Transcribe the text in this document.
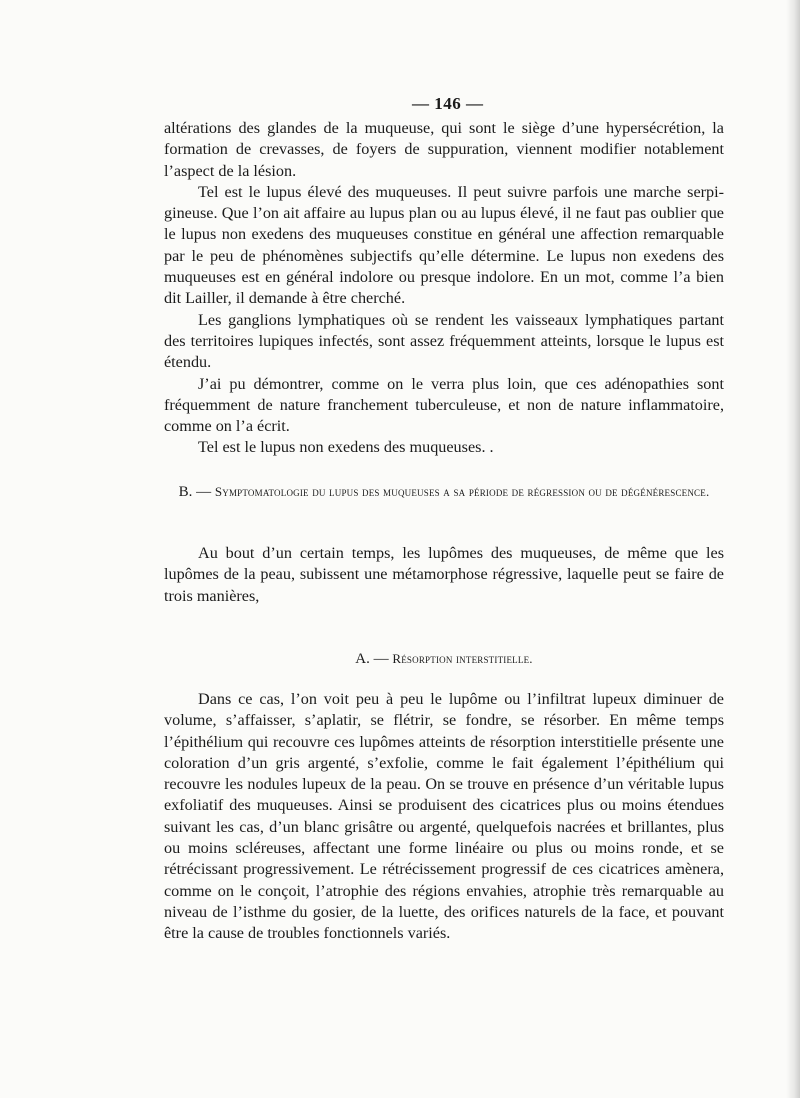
— 146 —

altérations des glandes de la muqueuse, qui sont le siège d’une hypersécrétion, la formation de crevasses, de foyers de suppuration, viennent modifier notablement l’aspect de la lésion.

Tel est le lupus élevé des muqueuses. Il peut suivre parfois une marche serpigineuse. Que l’on ait affaire au lupus plan ou au lupus élevé, il ne faut pas oublier que le lupus non exedens des muqueuses constitue en général une affection remarquable par le peu de phénomènes subjectifs qu’elle détermine. Le lupus non exedens des muqueuses est en général indolore ou presque indolore. En un mot, comme l’a bien dit Lailler, il demande à être cherché.

Les ganglions lymphatiques où se rendent les vaisseaux lymphatiques partant des territoires lupiques infectés, sont assez fréquemment atteints, lorsque le lupus est étendu.

J’ai pu démontrer, comme on le verra plus loin, que ces adénopathies sont fréquemment de nature franchement tuberculeuse, et non de nature inflammatoire, comme on l’a écrit.

Tel est le lupus non exedens des muqueuses. .

B. — Symptomatologie du lupus des muqueuses a sa période de régression ou de dégénérescence.

Au bout d’un certain temps, les lupômes des muqueuses, de même que les lupômes de la peau, subissent une métamorphose régressive, laquelle peut se faire de trois manières,

A. — Résorption interstitielle.

Dans ce cas, l’on voit peu à peu le lupôme ou l’infiltrat lupeux diminuer de volume, s’affaisser, s’aplatir, se flétrir, se fondre, se résorber. En même temps l’épithélium qui recouvre ces lupômes atteints de résorption interstitielle présente une coloration d’un gris argenté, s’exfolie, comme le fait également l’épithélium qui recouvre les nodules lupeux de la peau. On se trouve en présence d’un véritable lupus exfoliatif des muqueuses. Ainsi se produisent des cicatrices plus ou moins étendues suivant les cas, d’un blanc grisâtre ou argenté, quelquefois nacrées et brillantes, plus ou moins scléreuses, affectant une forme linéaire ou plus ou moins ronde, et se rétrécissant progressivement. Le rétrécissement progressif de ces cicatrices amènera, comme on le conçoit, l’atrophie des régions envahies, atrophie très remarquable au niveau de l’isthme du gosier, de la luette, des orifices naturels de la face, et pouvant être la cause de troubles fonctionnels variés.
